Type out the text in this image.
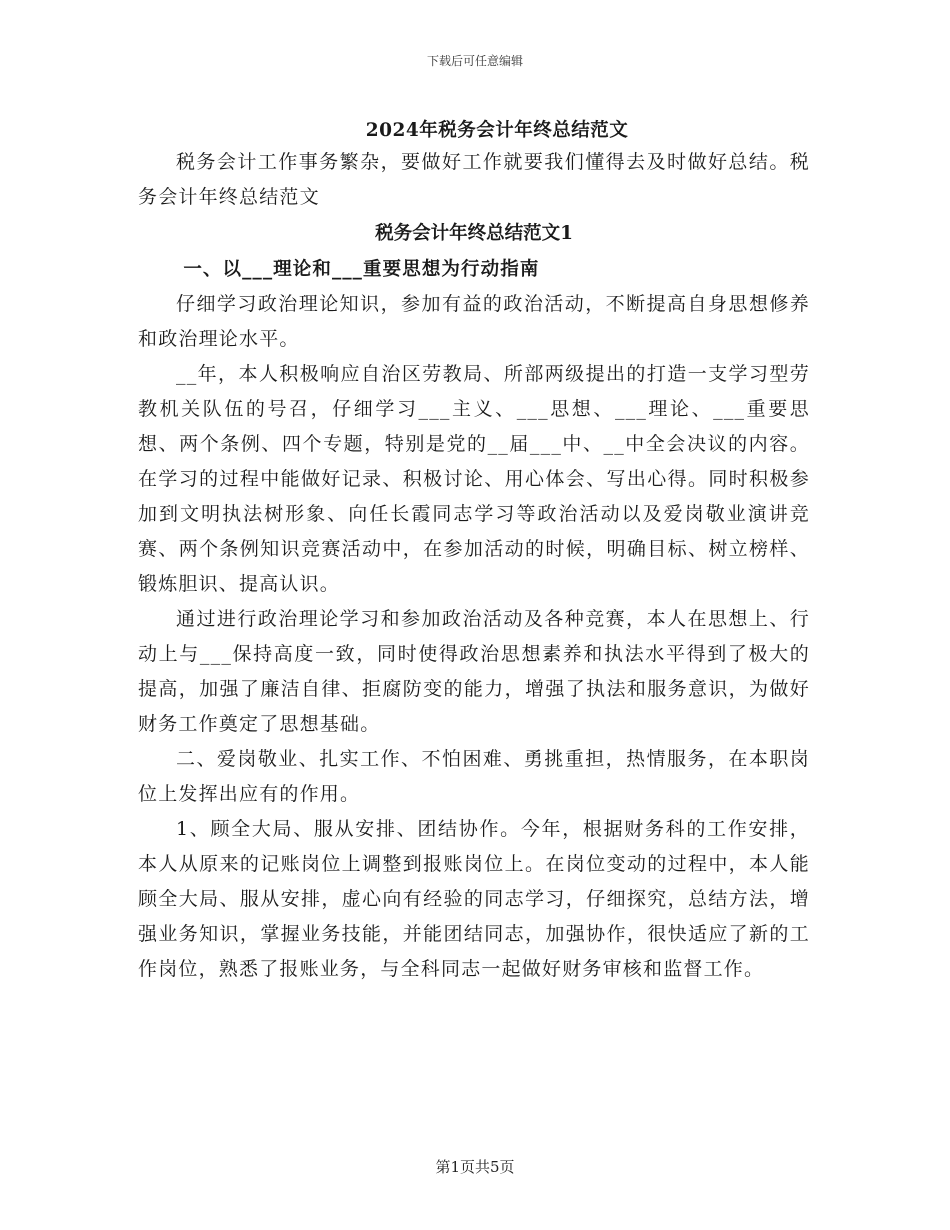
下载后可任意编辑
2024年税务会计年终总结范文

税务会计工作事务繁杂，要做好工作就要我们懂得去及时做好总结。税务会计年终总结范文

税务会计年终总结范文1
一、以___理论和___重要思想为行动指南

仔细学习政治理论知识，参加有益的政治活动，不断提高自身思想修养和政治理论水平。

__年，本人积极响应自治区劳教局、所部两级提出的打造一支学习型劳教机关队伍的号召，仔细学习___主义、___思想、___理论、___重要思想、两个条例、四个专题，特别是党的__届___中、__中全会决议的内容。在学习的过程中能做好记录、积极讨论、用心体会、写出心得。同时积极参加到文明执法树形象、向任长霞同志学习等政治活动以及爱岗敬业演讲竞赛、两个条例知识竞赛活动中，在参加活动的时候，明确目标、树立榜样、锻炼胆识、提高认识。

通过进行政治理论学习和参加政治活动及各种竞赛，本人在思想上、行动上与___保持高度一致，同时使得政治思想素养和执法水平得到了极大的提高，加强了廉洁自律、拒腐防变的能力，增强了执法和服务意识，为做好财务工作奠定了思想基础。

二、爱岗敬业、扎实工作、不怕困难、勇挑重担，热情服务，在本职岗位上发挥出应有的作用。

1、顾全大局、服从安排、团结协作。今年，根据财务科的工作安排，本人从原来的记账岗位上调整到报账岗位上。在岗位变动的过程中，本人能顾全大局、服从安排，虚心向有经验的同志学习，仔细探究，总结方法，增强业务知识，掌握业务技能，并能团结同志，加强协作，很快适应了新的工作岗位，熟悉了报账业务，与全科同志一起做好财务审核和监督工作。

第1页共5页
